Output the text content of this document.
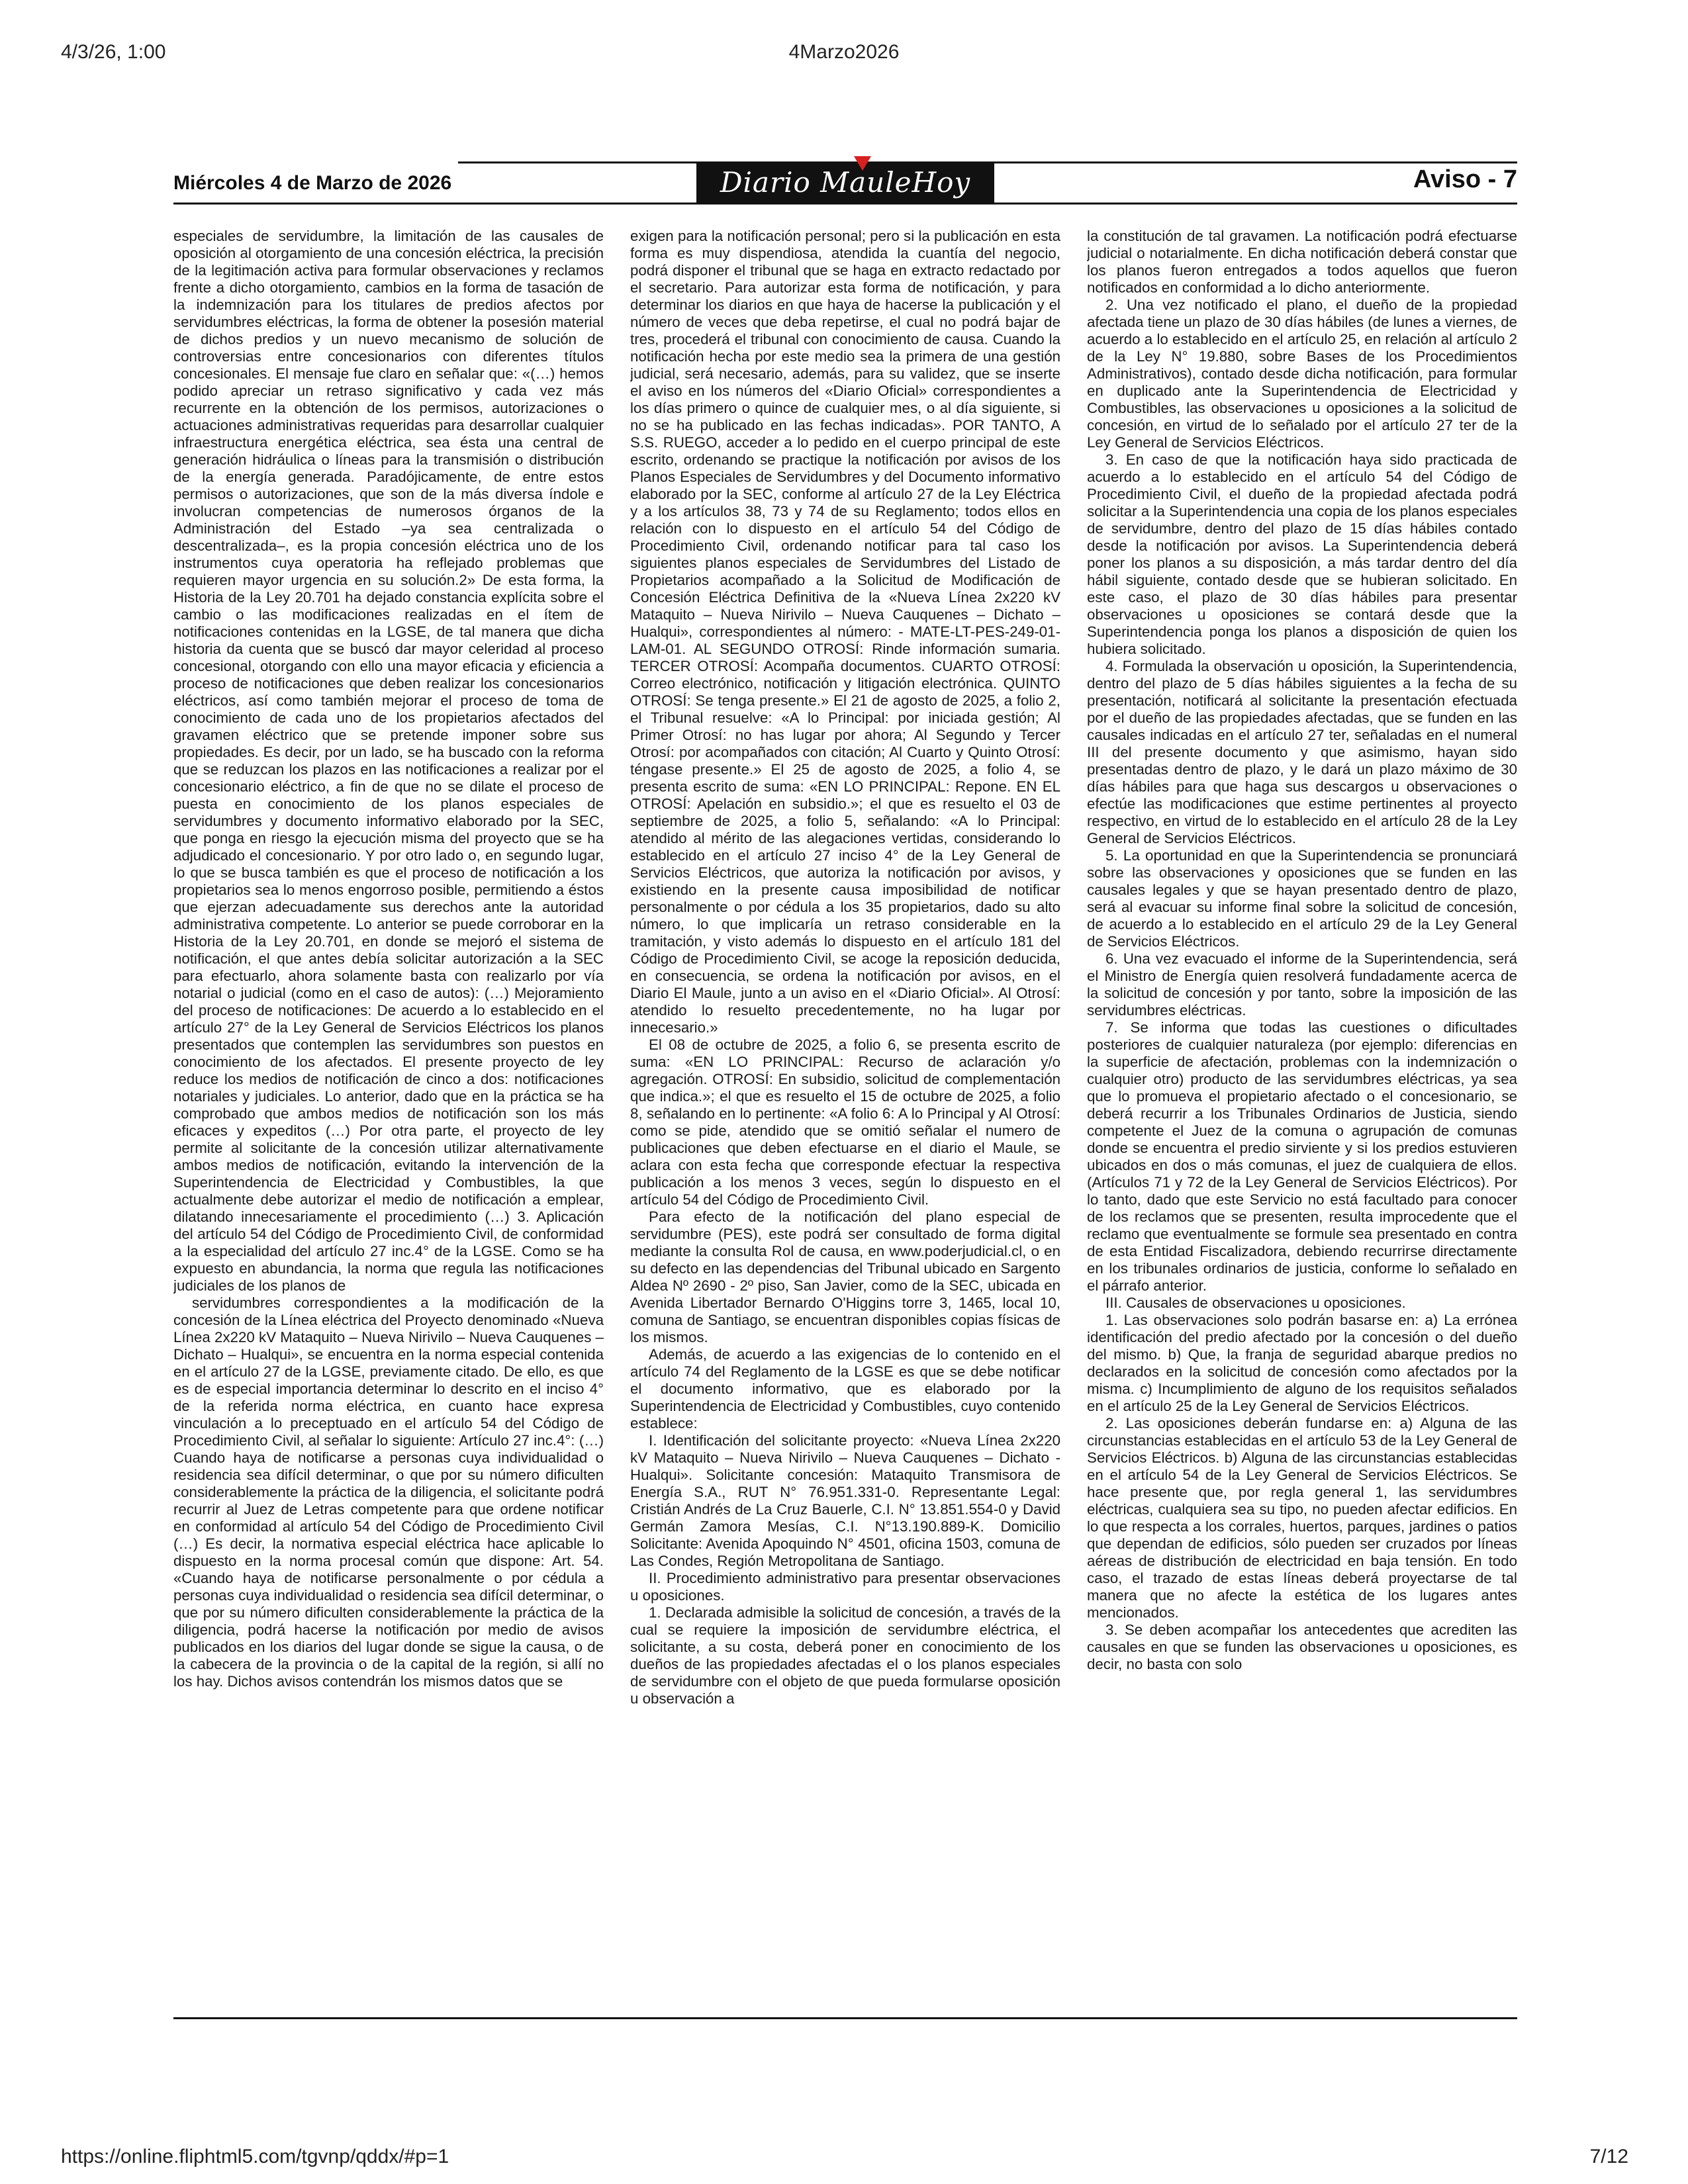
4/3/26, 1:00	4Marzo2026
Miércoles 4 de Marzo de 2026	Diario MauleHoy	Aviso - 7

especiales de servidumbre, la limitación de las causales de oposición al otorgamiento de una concesión eléctrica, la precisión de la legitimación activa para formular observaciones y reclamos frente a dicho otorgamiento, cambios en la forma de tasación de la indemnización para los titulares de predios afectos por servidumbres eléctricas, la forma de obtener la posesión material de dichos predios y un nuevo mecanismo de solución de controversias entre concesionarios con diferentes títulos concesionales. El mensaje fue claro en señalar que: «(…) hemos podido apreciar un retraso significativo y cada vez más recurrente en la obtención de los permisos, autorizaciones o actuaciones administrativas requeridas para desarrollar cualquier infraestructura energética eléctrica, sea ésta una central de generación hidráulica o líneas para la transmisión o distribución de la energía generada. Paradójicamente, de entre estos permisos o autorizaciones, que son de la más diversa índole e involucran competencias de numerosos órganos de la Administración del Estado –ya sea centralizada o descentralizada–, es la propia concesión eléctrica uno de los instrumentos cuya operatoria ha reflejado problemas que requieren mayor urgencia en su solución.2» De esta forma, la Historia de la Ley 20.701 ha dejado constancia explícita sobre el cambio o las modificaciones realizadas en el ítem de notificaciones contenidas en la LGSE, de tal manera que dicha historia da cuenta que se buscó dar mayor celeridad al proceso concesional, otorgando con ello una mayor eficacia y eficiencia a proceso de notificaciones que deben realizar los concesionarios eléctricos, así como también mejorar el proceso de toma de conocimiento de cada uno de los propietarios afectados del gravamen eléctrico que se pretende imponer sobre sus propiedades. Es decir, por un lado, se ha buscado con la reforma que se reduzcan los plazos en las notificaciones a realizar por el concesionario eléctrico, a fin de que no se dilate el proceso de puesta en conocimiento de los planos especiales de servidumbres y documento informativo elaborado por la SEC, que ponga en riesgo la ejecución misma del proyecto que se ha adjudicado el concesionario. Y por otro lado o, en segundo lugar, lo que se busca también es que el proceso de notificación a los propietarios sea lo menos engorroso posible, permitiendo a éstos que ejerzan adecuadamente sus derechos ante la autoridad administrativa competente. Lo anterior se puede corroborar en la Historia de la Ley 20.701, en donde se mejoró el sistema de notificación, el que antes debía solicitar autorización a la SEC para efectuarlo, ahora solamente basta con realizarlo por vía notarial o judicial (como en el caso de autos): (…) Mejoramiento del proceso de notificaciones: De acuerdo a lo establecido en el artículo 27° de la Ley General de Servicios Eléctricos los planos presentados que contemplen las servidumbres son puestos en conocimiento de los afectados. El presente proyecto de ley reduce los medios de notificación de cinco a dos: notificaciones notariales y judiciales. Lo anterior, dado que en la práctica se ha comprobado que ambos medios de notificación son los más eficaces y expeditos (…) Por otra parte, el proyecto de ley permite al solicitante de la concesión utilizar alternativamente ambos medios de notificación, evitando la intervención de la Superintendencia de Electricidad y Combustibles, la que actualmente debe autorizar el medio de notificación a emplear, dilatando innecesariamente el procedimiento (…) 3. Aplicación del artículo 54 del Código de Procedimiento Civil, de conformidad a la especialidad del artículo 27 inc.4° de la LGSE. Como se ha expuesto en abundancia, la norma que regula las notificaciones judiciales de los planos de

servidumbres correspondientes a la modificación de la concesión de la Línea eléctrica del Proyecto denominado «Nueva Línea 2x220 kV Mataquito – Nueva Nirivilo – Nueva Cauquenes – Dichato – Hualqui», se encuentra en la norma especial contenida en el artículo 27 de la LGSE, previamente citado. De ello, es que es de especial importancia determinar lo descrito en el inciso 4° de la referida norma eléctrica, en cuanto hace expresa vinculación a lo preceptuado en el artículo 54 del Código de Procedimiento Civil, al señalar lo siguiente: Artículo 27 inc.4°: (…) Cuando haya de notificarse a personas cuya individualidad o residencia sea difícil determinar, o que por su número dificulten considerablemente la práctica de la diligencia, el solicitante podrá recurrir al Juez de Letras competente para que ordene notificar en conformidad al artículo 54 del Código de Procedimiento Civil (…) Es decir, la normativa especial eléctrica hace aplicable lo dispuesto en la norma procesal común que dispone: Art. 54. «Cuando haya de notificarse personalmente o por cédula a personas cuya individualidad o residencia sea difícil determinar, o que por su número dificulten considerablemente la práctica de la diligencia, podrá hacerse la notificación por medio de avisos publicados en los diarios del lugar donde se sigue la causa, o de la cabecera de la provincia o de la capital de la región, si allí no los hay. Dichos avisos contendrán los mismos datos que se

exigen para la notificación personal; pero si la publicación en esta forma es muy dispendiosa, atendida la cuantía del negocio, podrá disponer el tribunal que se haga en extracto redactado por el secretario. Para autorizar esta forma de notificación, y para determinar los diarios en que haya de hacerse la publicación y el número de veces que deba repetirse, el cual no podrá bajar de tres, procederá el tribunal con conocimiento de causa. Cuando la notificación hecha por este medio sea la primera de una gestión judicial, será necesario, además, para su validez, que se inserte el aviso en los números del «Diario Oficial» correspondientes a los días primero o quince de cualquier mes, o al día siguiente, si no se ha publicado en las fechas indicadas». POR TANTO, A S.S. RUEGO, acceder a lo pedido en el cuerpo principal de este escrito, ordenando se practique la notificación por avisos de los Planos Especiales de Servidumbres y del Documento informativo elaborado por la SEC, conforme al artículo 27 de la Ley Eléctrica y a los artículos 38, 73 y 74 de su Reglamento; todos ellos en relación con lo dispuesto en el artículo 54 del Código de Procedimiento Civil, ordenando notificar para tal caso los siguientes planos especiales de Servidumbres del Listado de Propietarios acompañado a la Solicitud de Modificación de Concesión Eléctrica Definitiva de la «Nueva Línea 2x220 kV Mataquito – Nueva Nirivilo – Nueva Cauquenes – Dichato – Hualqui», correspondientes al número: - MATE-LT-PES-249-01-LAM-01. AL SEGUNDO OTROSÍ: Rinde información sumaria. TERCER OTROSÍ: Acompaña documentos. CUARTO OTROSÍ: Correo electrónico, notificación y litigación electrónica. QUINTO OTROSÍ: Se tenga presente.» El 21 de agosto de 2025, a folio 2, el Tribunal resuelve: «A lo Principal: por iniciada gestión; Al Primer Otrosí: no has lugar por ahora; Al Segundo y Tercer Otrosí: por acompañados con citación; Al Cuarto y Quinto Otrosí: téngase presente.» El 25 de agosto de 2025, a folio 4, se presenta escrito de suma: «EN LO PRINCIPAL: Repone. EN EL OTROSÍ: Apelación en subsidio.»; el que es resuelto el 03 de septiembre de 2025, a folio 5, señalando: «A lo Principal: atendido al mérito de las alegaciones vertidas, considerando lo establecido en el artículo 27 inciso 4° de la Ley General de Servicios Eléctricos, que autoriza la notificación por avisos, y existiendo en la presente causa imposibilidad de notificar personalmente o por cédula a los 35 propietarios, dado su alto número, lo que implicaría un retraso considerable en la tramitación, y visto además lo dispuesto en el artículo 181 del Código de Procedimiento Civil, se acoge la reposición deducida, en consecuencia, se ordena la notificación por avisos, en el Diario El Maule, junto a un aviso en el «Diario Oficial». Al Otrosí: atendido lo resuelto precedentemente, no ha lugar por innecesario.»

El 08 de octubre de 2025, a folio 6, se presenta escrito de suma: «EN LO PRINCIPAL: Recurso de aclaración y/o agregación. OTROSÍ: En subsidio, solicitud de complementación que indica.»; el que es resuelto el 15 de octubre de 2025, a folio 8, señalando en lo pertinente: «A folio 6: A lo Principal y Al Otrosí: como se pide, atendido que se omitió señalar el numero de publicaciones que deben efectuarse en el diario el Maule, se aclara con esta fecha que corresponde efectuar la respectiva publicación a los menos 3 veces, según lo dispuesto en el artículo 54 del Código de Procedimiento Civil.

Para efecto de la notificación del plano especial de servidumbre (PES), este podrá ser consultado de forma digital mediante la consulta Rol de causa, en www.poderjudicial.cl, o en su defecto en las dependencias del Tribunal ubicado en Sargento Aldea Nº 2690 - 2º piso, San Javier, como de la SEC, ubicada en Avenida Libertador Bernardo O'Higgins torre 3, 1465, local 10, comuna de Santiago, se encuentran disponibles copias físicas de los mismos.

Además, de acuerdo a las exigencias de lo contenido en el artículo 74 del Reglamento de la LGSE es que se debe notificar el documento informativo, que es elaborado por la Superintendencia de Electricidad y Combustibles, cuyo contenido establece:

I. Identificación del solicitante proyecto: «Nueva Línea 2x220 kV Mataquito – Nueva Nirivilo – Nueva Cauquenes – Dichato - Hualqui». Solicitante concesión: Mataquito Transmisora de Energía S.A., RUT N° 76.951.331-0. Representante Legal: Cristián Andrés de La Cruz Bauerle, C.I. N° 13.851.554-0 y David Germán Zamora Mesías, C.I. N°13.190.889-K. Domicilio Solicitante: Avenida Apoquindo N° 4501, oficina 1503, comuna de Las Condes, Región Metropolitana de Santiago.

II. Procedimiento administrativo para presentar observaciones u oposiciones.

1. Declarada admisible la solicitud de concesión, a través de la cual se requiere la imposición de servidumbre eléctrica, el solicitante, a su costa, deberá poner en conocimiento de los dueños de las propiedades afectadas el o los planos especiales de servidumbre con el objeto de que pueda formularse oposición u observación a

la constitución de tal gravamen. La notificación podrá efectuarse judicial o notarialmente. En dicha notificación deberá constar que los planos fueron entregados a todos aquellos que fueron notificados en conformidad a lo dicho anteriormente.

2. Una vez notificado el plano, el dueño de la propiedad afectada tiene un plazo de 30 días hábiles (de lunes a viernes, de acuerdo a lo establecido en el artículo 25, en relación al artículo 2 de la Ley N° 19.880, sobre Bases de los Procedimientos Administrativos), contado desde dicha notificación, para formular en duplicado ante la Superintendencia de Electricidad y Combustibles, las observaciones u oposiciones a la solicitud de concesión, en virtud de lo señalado por el artículo 27 ter de la Ley General de Servicios Eléctricos.

3. En caso de que la notificación haya sido practicada de acuerdo a lo establecido en el artículo 54 del Código de Procedimiento Civil, el dueño de la propiedad afectada podrá solicitar a la Superintendencia una copia de los planos especiales de servidumbre, dentro del plazo de 15 días hábiles contado desde la notificación por avisos. La Superintendencia deberá poner los planos a su disposición, a más tardar dentro del día hábil siguiente, contado desde que se hubieran solicitado. En este caso, el plazo de 30 días hábiles para presentar observaciones u oposiciones se contará desde que la Superintendencia ponga los planos a disposición de quien los hubiera solicitado.

4. Formulada la observación u oposición, la Superintendencia, dentro del plazo de 5 días hábiles siguientes a la fecha de su presentación, notificará al solicitante la presentación efectuada por el dueño de las propiedades afectadas, que se funden en las causales indicadas en el artículo 27 ter, señaladas en el numeral III del presente documento y que asimismo, hayan sido presentadas dentro de plazo, y le dará un plazo máximo de 30 días hábiles para que haga sus descargos u observaciones o efectúe las modificaciones que estime pertinentes al proyecto respectivo, en virtud de lo establecido en el artículo 28 de la Ley General de Servicios Eléctricos.

5. La oportunidad en que la Superintendencia se pronunciará sobre las observaciones y oposiciones que se funden en las causales legales y que se hayan presentado dentro de plazo, será al evacuar su informe final sobre la solicitud de concesión, de acuerdo a lo establecido en el artículo 29 de la Ley General de Servicios Eléctricos.

6. Una vez evacuado el informe de la Superintendencia, será el Ministro de Energía quien resolverá fundadamente acerca de la solicitud de concesión y por tanto, sobre la imposición de las servidumbres eléctricas.

7. Se informa que todas las cuestiones o dificultades posteriores de cualquier naturaleza (por ejemplo: diferencias en la superficie de afectación, problemas con la indemnización o cualquier otro) producto de las servidumbres eléctricas, ya sea que lo promueva el propietario afectado o el concesionario, se deberá recurrir a los Tribunales Ordinarios de Justicia, siendo competente el Juez de la comuna o agrupación de comunas donde se encuentra el predio sirviente y si los predios estuvieren ubicados en dos o más comunas, el juez de cualquiera de ellos. (Artículos 71 y 72 de la Ley General de Servicios Eléctricos). Por lo tanto, dado que este Servicio no está facultado para conocer de los reclamos que se presenten, resulta improcedente que el reclamo que eventualmente se formule sea presentado en contra de esta Entidad Fiscalizadora, debiendo recurrirse directamente en los tribunales ordinarios de justicia, conforme lo señalado en el párrafo anterior.

III. Causales de observaciones u oposiciones.

1. Las observaciones solo podrán basarse en: a) La errónea identificación del predio afectado por la concesión o del dueño del mismo. b) Que, la franja de seguridad abarque predios no declarados en la solicitud de concesión como afectados por la misma. c) Incumplimiento de alguno de los requisitos señalados en el artículo 25 de la Ley General de Servicios Eléctricos.

2. Las oposiciones deberán fundarse en: a) Alguna de las circunstancias establecidas en el artículo 53 de la Ley General de Servicios Eléctricos. b) Alguna de las circunstancias establecidas en el artículo 54 de la Ley General de Servicios Eléctricos. Se hace presente que, por regla general 1, las servidumbres eléctricas, cualquiera sea su tipo, no pueden afectar edificios. En lo que respecta a los corrales, huertos, parques, jardines o patios que dependan de edificios, sólo pueden ser cruzados por líneas aéreas de distribución de electricidad en baja tensión. En todo caso, el trazado de estas líneas deberá proyectarse de tal manera que no afecte la estética de los lugares antes mencionados.

3. Se deben acompañar los antecedentes que acrediten las causales en que se funden las observaciones u oposiciones, es decir, no basta con solo

https://online.fliphtml5.com/tgvnp/qddx/#p=1	7/12
